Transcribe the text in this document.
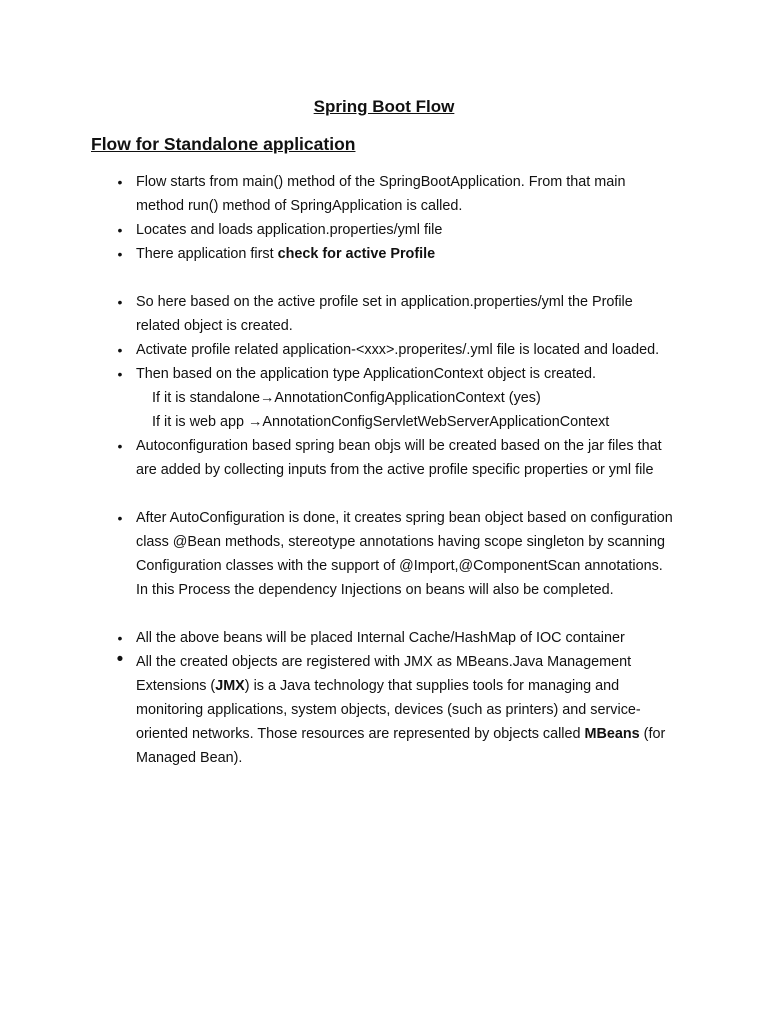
Spring Boot Flow
Flow for Standalone application
• Flow starts from main() method of the SpringBootApplication. From that main method run() method of SpringApplication is called.
• Locates and loads application.properties/yml file
• There application first check for active Profile
• So here based on the active profile set in application.properties/yml the Profile related object is created.
• Activate profile related application-<xxx>.properites/.yml file is located and loaded.
• Then based on the application type ApplicationContext object is created.
If it is standalone→AnnotationConfigApplicationContext (yes)
If it is web app →AnnotationConfigServletWebServerApplicationContext
• Autoconfiguration based spring bean objs will be created based on the jar files that are added by collecting inputs from the active profile specific properties or yml file
• After AutoConfiguration is done, it creates spring bean object based on configuration class @Bean methods, stereotype annotations having scope singleton by scanning Configuration classes with the support of @Import,@ComponentScan annotations. In this Process the dependency Injections on beans will also be completed.
• All the above beans will be placed Internal Cache/HashMap of IOC container
• All the created objects are registered with JMX as MBeans.Java Management Extensions (JMX) is a Java technology that supplies tools for managing and monitoring applications, system objects, devices (such as printers) and service-oriented networks. Those resources are represented by objects called MBeans (for Managed Bean).
